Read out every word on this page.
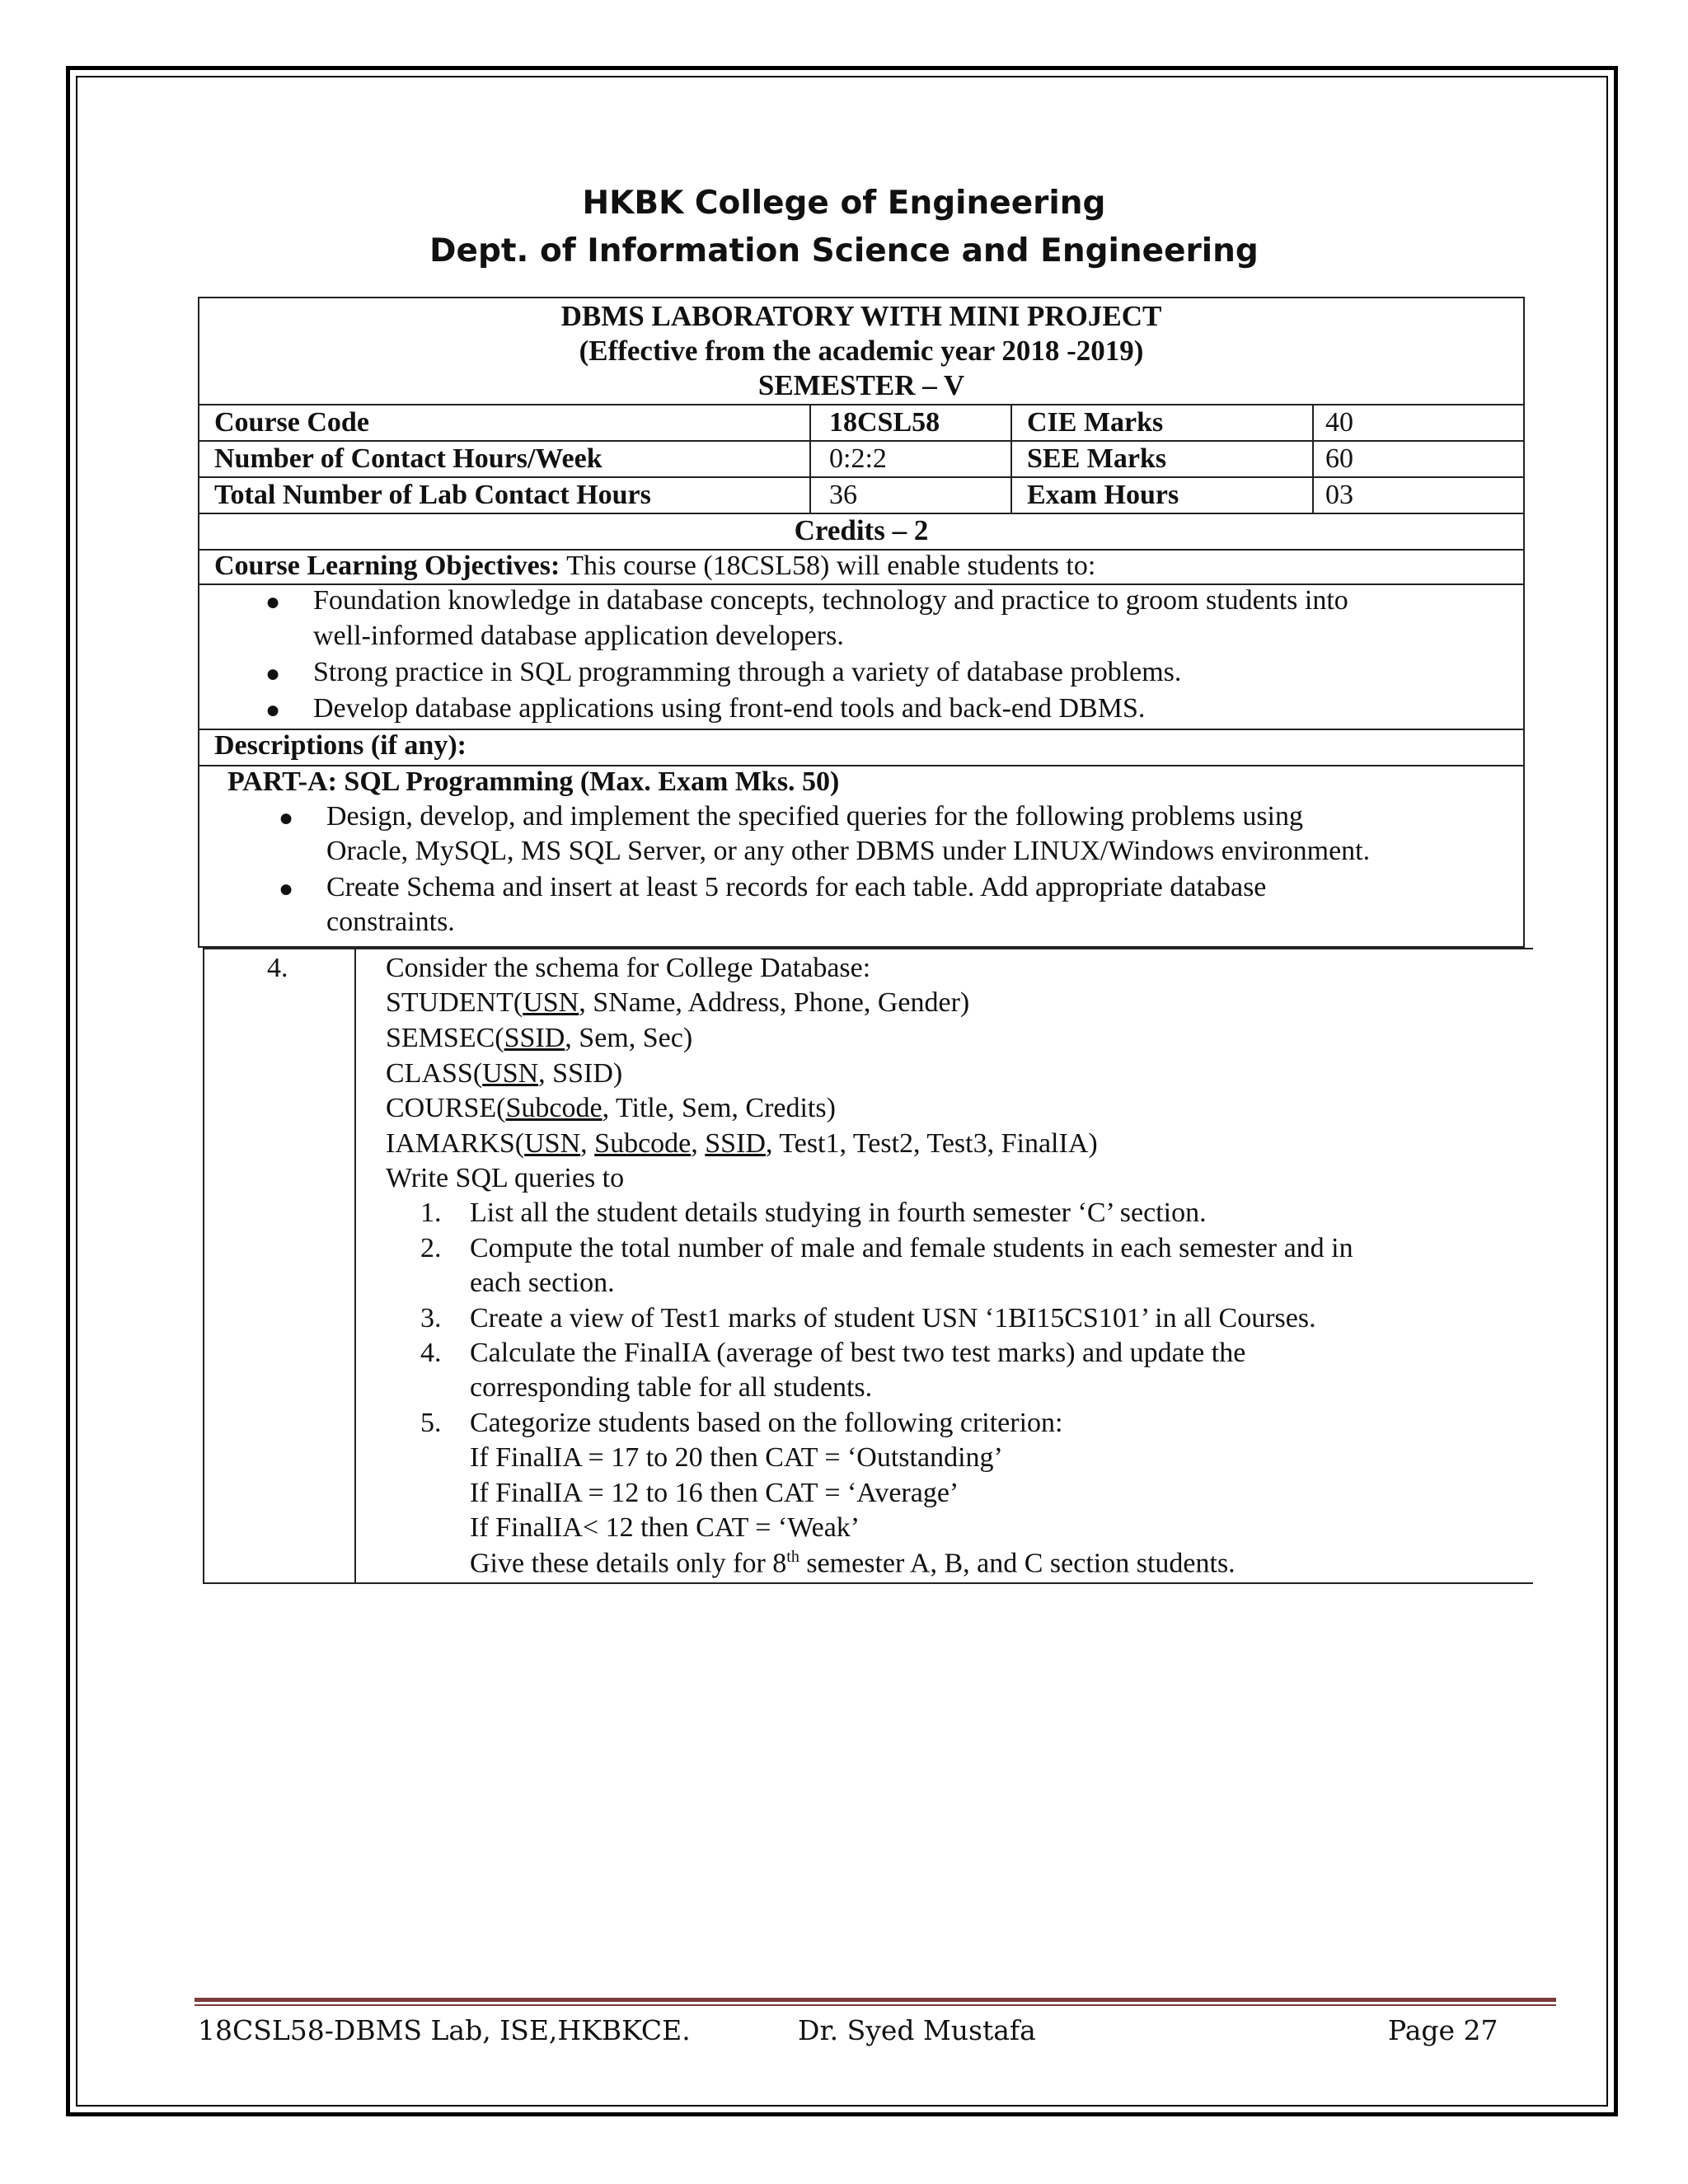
HKBK College of Engineering
Dept. of Information Science and Engineering
DBMS LABORATORY WITH MINI PROJECT
(Effective from the academic year 2018 -2019)
SEMESTER – V
Course Code	18CSL58	CIE Marks	40
Number of Contact Hours/Week	0:2:2	SEE Marks	60
Total Number of Lab Contact Hours	36	Exam Hours	03
Credits – 2
Course Learning Objectives: This course (18CSL58) will enable students to:
● Foundation knowledge in database concepts, technology and practice to groom students into
well-informed database application developers.
● Strong practice in SQL programming through a variety of database problems.
● Develop database applications using front-end tools and back-end DBMS.
Descriptions (if any):
PART-A: SQL Programming (Max. Exam Mks. 50)
● Design, develop, and implement the specified queries for the following problems using
Oracle, MySQL, MS SQL Server, or any other DBMS under LINUX/Windows environment.
● Create Schema and insert at least 5 records for each table. Add appropriate database
constraints.
4.	Consider the schema for College Database:
STUDENT(USN, SName, Address, Phone, Gender)
SEMSEC(SSID, Sem, Sec)
CLASS(USN, SSID)
COURSE(Subcode, Title, Sem, Credits)
IAMARKS(USN, Subcode, SSID, Test1, Test2, Test3, FinalIA)
Write SQL queries to
1. List all the student details studying in fourth semester ‘C’ section.
2. Compute the total number of male and female students in each semester and in
each section.
3. Create a view of Test1 marks of student USN ‘1BI15CS101’ in all Courses.
4. Calculate the FinalIA (average of best two test marks) and update the
corresponding table for all students.
5. Categorize students based on the following criterion:
If FinalIA = 17 to 20 then CAT = ‘Outstanding’
If FinalIA = 12 to 16 then CAT = ‘Average’
If FinalIA< 12 then CAT = ‘Weak’
Give these details only for 8th semester A, B, and C section students.
18CSL58-DBMS Lab, ISE,HKBKCE.	Dr. Syed Mustafa	Page 27
